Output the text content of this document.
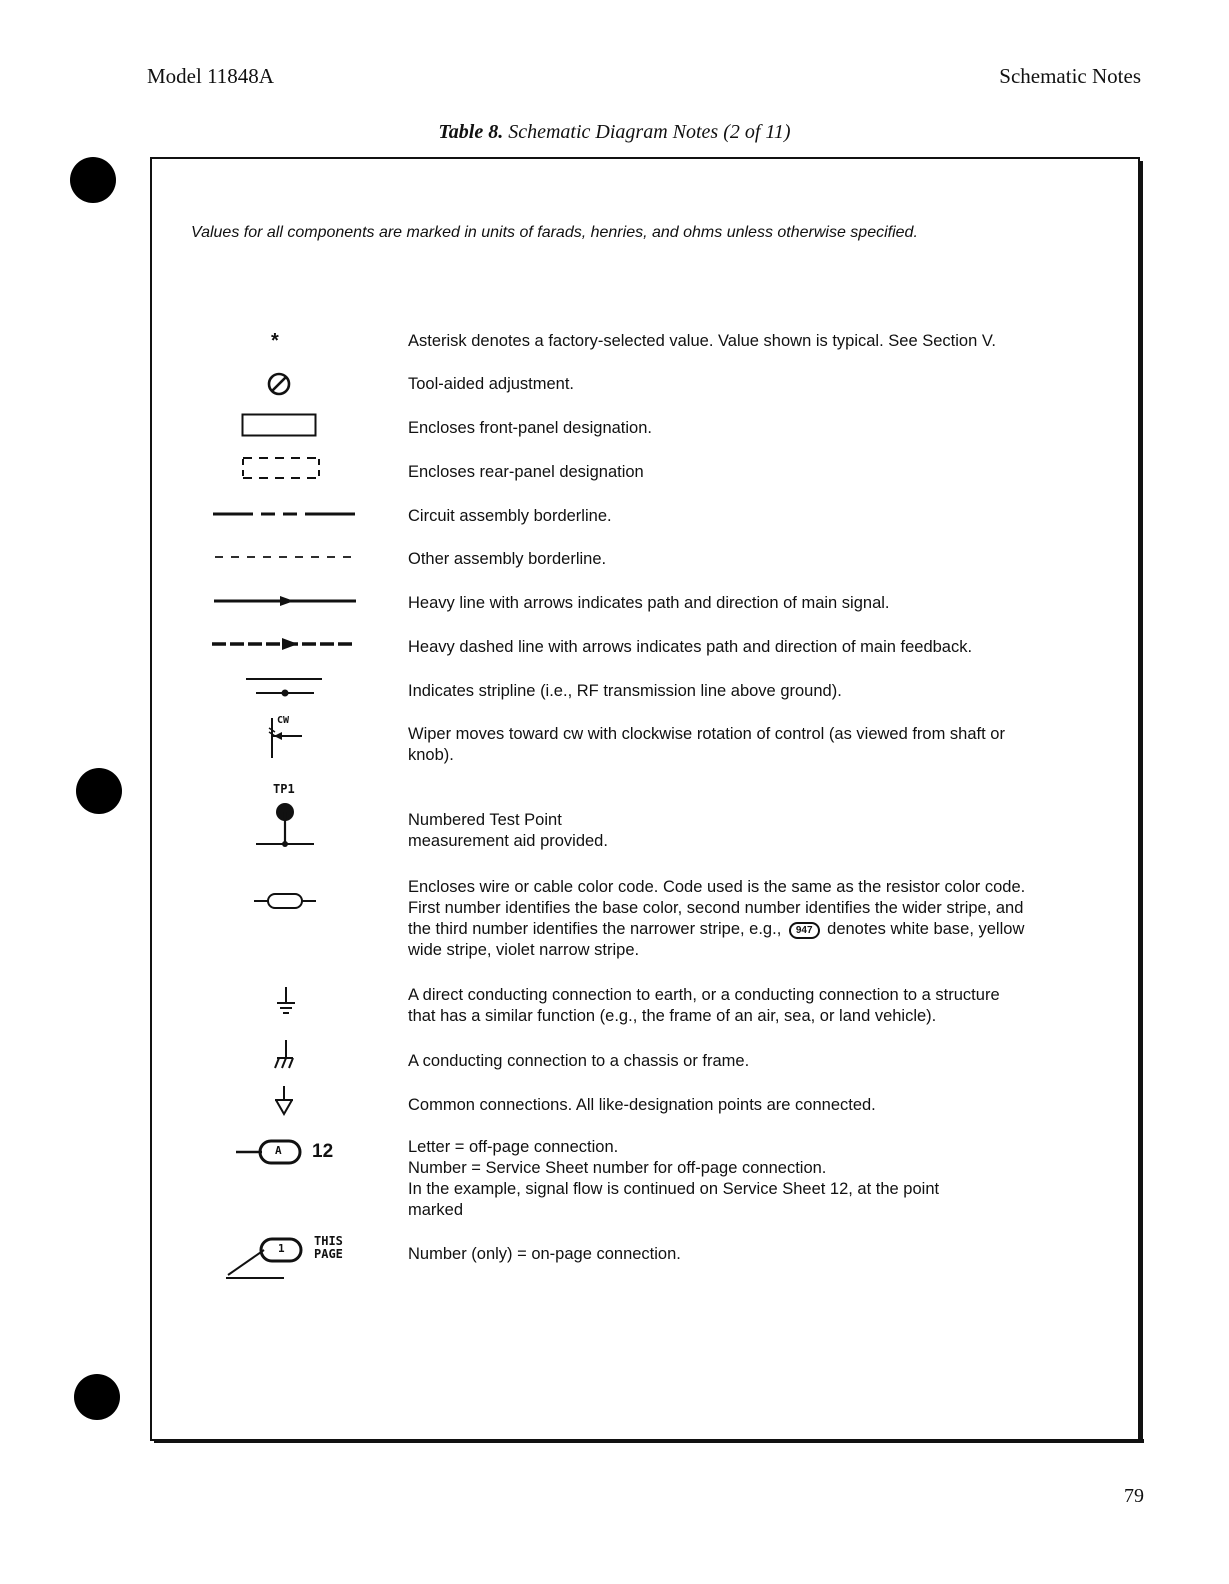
Model 11848A	Schematic Notes
Table 8. Schematic Diagram Notes (2 of 11)
Values for all components are marked in units of farads, henries, and ohms unless otherwise specified.
*	Asterisk denotes a factory-selected value. Value shown is typical. See Section V.
Tool-aided adjustment.
Encloses front-panel designation.
Encloses rear-panel designation
Circuit assembly borderline.
Other assembly borderline.
Heavy line with arrows indicates path and direction of main signal.
Heavy dashed line with arrows indicates path and direction of main feedback.
Indicates stripline (i.e., RF transmission line above ground).
CW
Wiper moves toward cw with clockwise rotation of control (as viewed from shaft or
knob).
TP1
Numbered Test Point
measurement aid provided.
Encloses wire or cable color code. Code used is the same as the resistor color code.
First number identifies the base color, second number identifies the wider stripe, and
the third number identifies the narrower stripe, e.g., 947 denotes white base, yellow
wide stripe, violet narrow stripe.
A direct conducting connection to earth, or a conducting connection to a structure
that has a similar function (e.g., the frame of an air, sea, or land vehicle).
A conducting connection to a chassis or frame.
Common connections. All like-designation points are connected.
A 12	Letter = off-page connection.
Number = Service Sheet number for off-page connection.
In the example, signal flow is continued on Service Sheet 12, at the point
marked
1
THIS
PAGE	Number (only) = on-page connection.
79
